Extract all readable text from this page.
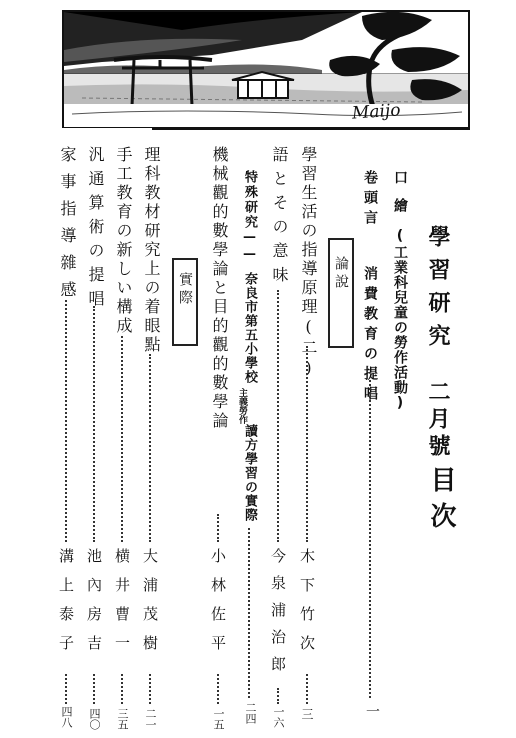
Maijo
學習研究
二月號
目次
口繪
(工業科兒童の勞作活動)
卷頭言
消費教育の提唱
一
論說
學習生活の指導原理(二)
木下竹次
三
語とその意味
今泉浦治郎
一六
特殊研究——
奈良市第五小學校
主義勞作
讀方學習の實際
二四
機械觀的數學論と目的觀的數學論
小林佐平
一五
實際
理科教材研究上の着眼點
大浦茂樹
二一
手工教育の新しい構成
横井曹一
三五
汎通算術の提唱
池內房吉
四〇
家事指導雜感
溝上泰子
四八
